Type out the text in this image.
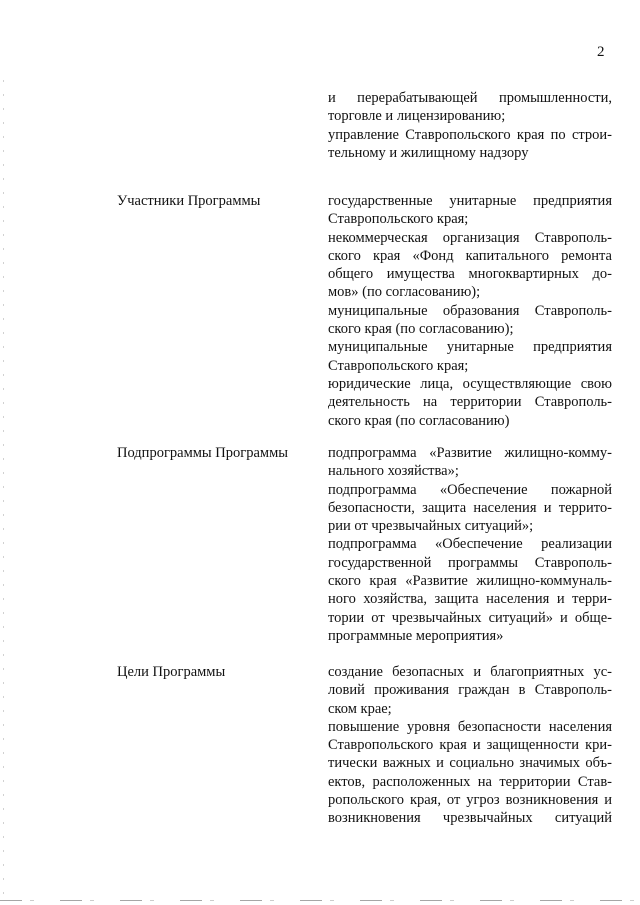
2
и перерабатывающей промышленности,
торговле и лицензированию;
управление Ставропольского края по строи-
тельному и жилищному надзору
Участники Программы	государственные унитарные предприятия
Ставропольского края;
некоммерческая организация Ставрополь-
ского края «Фонд капитального ремонта
общего имущества многоквартирных до-
мов» (по согласованию);
муниципальные образования Ставрополь-
ского края (по согласованию);
муниципальные унитарные предприятия
Ставропольского края;
юридические лица, осуществляющие свою
деятельность на территории Ставрополь-
ского края (по согласованию)
Подпрограммы Программы	подпрограмма «Развитие жилищно-комму-
нального хозяйства»;
подпрограмма «Обеспечение пожарной
безопасности, защита населения и террито-
рии от чрезвычайных ситуаций»;
подпрограмма «Обеспечение реализации
государственной программы Ставрополь-
ского края «Развитие жилищно-коммуналь-
ного хозяйства, защита населения и терри-
тории от чрезвычайных ситуаций» и обще-
программные мероприятия»
Цели Программы	создание безопасных и благоприятных ус-
ловий проживания граждан в Ставрополь-
ском крае;
повышение уровня безопасности населения
Ставропольского края и защищенности кри-
тически важных и социально значимых объ-
ектов, расположенных на территории Став-
ропольского края, от угроз возникновения и
возникновения чрезвычайных ситуаций
